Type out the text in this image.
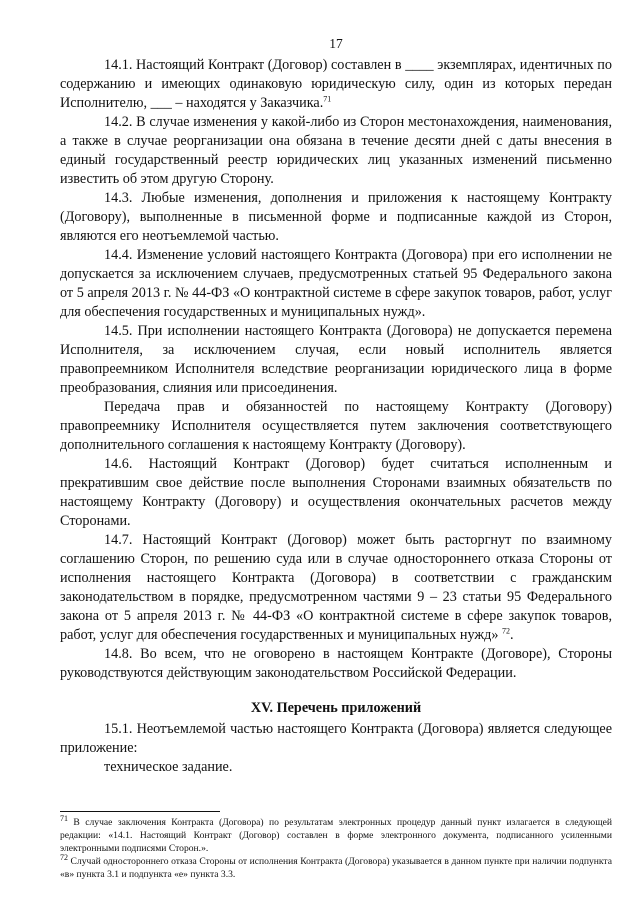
17

14.1. Настоящий Контракт (Договор) составлен в ____ экземплярах, идентичных по содержанию и имеющих одинаковую юридическую силу, один из которых передан Исполнителю, ___ – находятся у Заказчика.$^{71}$

14.2. В случае изменения у какой-либо из Сторон местонахождения, наименования, а также в случае реорганизации она обязана в течение десяти дней с даты внесения в единый государственный реестр юридических лиц указанных изменений письменно известить об этом другую Сторону.

14.3. Любые изменения, дополнения и приложения к настоящему Контракту (Договору), выполненные в письменной форме и подписанные каждой из Сторон, являются его неотъемлемой частью.

14.4. Изменение условий настоящего Контракта (Договора) при его исполнении не допускается за исключением случаев, предусмотренных статьей 95 Федерального закона от 5 апреля 2013 г. № 44-ФЗ «О контрактной системе в сфере закупок товаров, работ, услуг для обеспечения государственных и муниципальных нужд».

14.5. При исполнении настоящего Контракта (Договора) не допускается перемена Исполнителя, за исключением случая, если новый исполнитель является правопреемником Исполнителя вследствие реорганизации юридического лица в форме преобразования, слияния или присоединения.

Передача прав и обязанностей по настоящему Контракту (Договору) правопреемнику Исполнителя осуществляется путем заключения соответствующего дополнительного соглашения к настоящему Контракту (Договору).

14.6. Настоящий Контракт (Договор) будет считаться исполненным и прекратившим свое действие после выполнения Сторонами взаимных обязательств по настоящему Контракту (Договору) и осуществления окончательных расчетов между Сторонами.

14.7. Настоящий Контракт (Договор) может быть расторгнут по взаимному соглашению Сторон, по решению суда или в случае одностороннего отказа Стороны от исполнения настоящего Контракта (Договора) в соответствии с гражданским законодательством в порядке, предусмотренном частями 9 – 23 статьи 95 Федерального закона от 5 апреля 2013 г. № 44-ФЗ «О контрактной системе в сфере закупок товаров, работ, услуг для обеспечения государственных и муниципальных нужд» $^{72}$.

14.8. Во всем, что не оговорено в настоящем Контракте (Договоре), Стороны руководствуются действующим законодательством Российской Федерации.

XV. Перечень приложений

15.1. Неотъемлемой частью настоящего Контракта (Договора) является следующее приложение:

техническое задание.

$^{71}$ В случае заключения Контракта (Договора) по результатам электронных процедур данный пункт излагается в следующей редакции: «14.1. Настоящий Контракт (Договор) составлен в форме электронного документа, подписанного усиленными электронными подписями Сторон.».

$^{72}$ Случай одностороннего отказа Стороны от исполнения Контракта (Договора) указывается в данном пункте при наличии подпункта «в» пункта 3.1 и подпункта «е» пункта 3.3.
